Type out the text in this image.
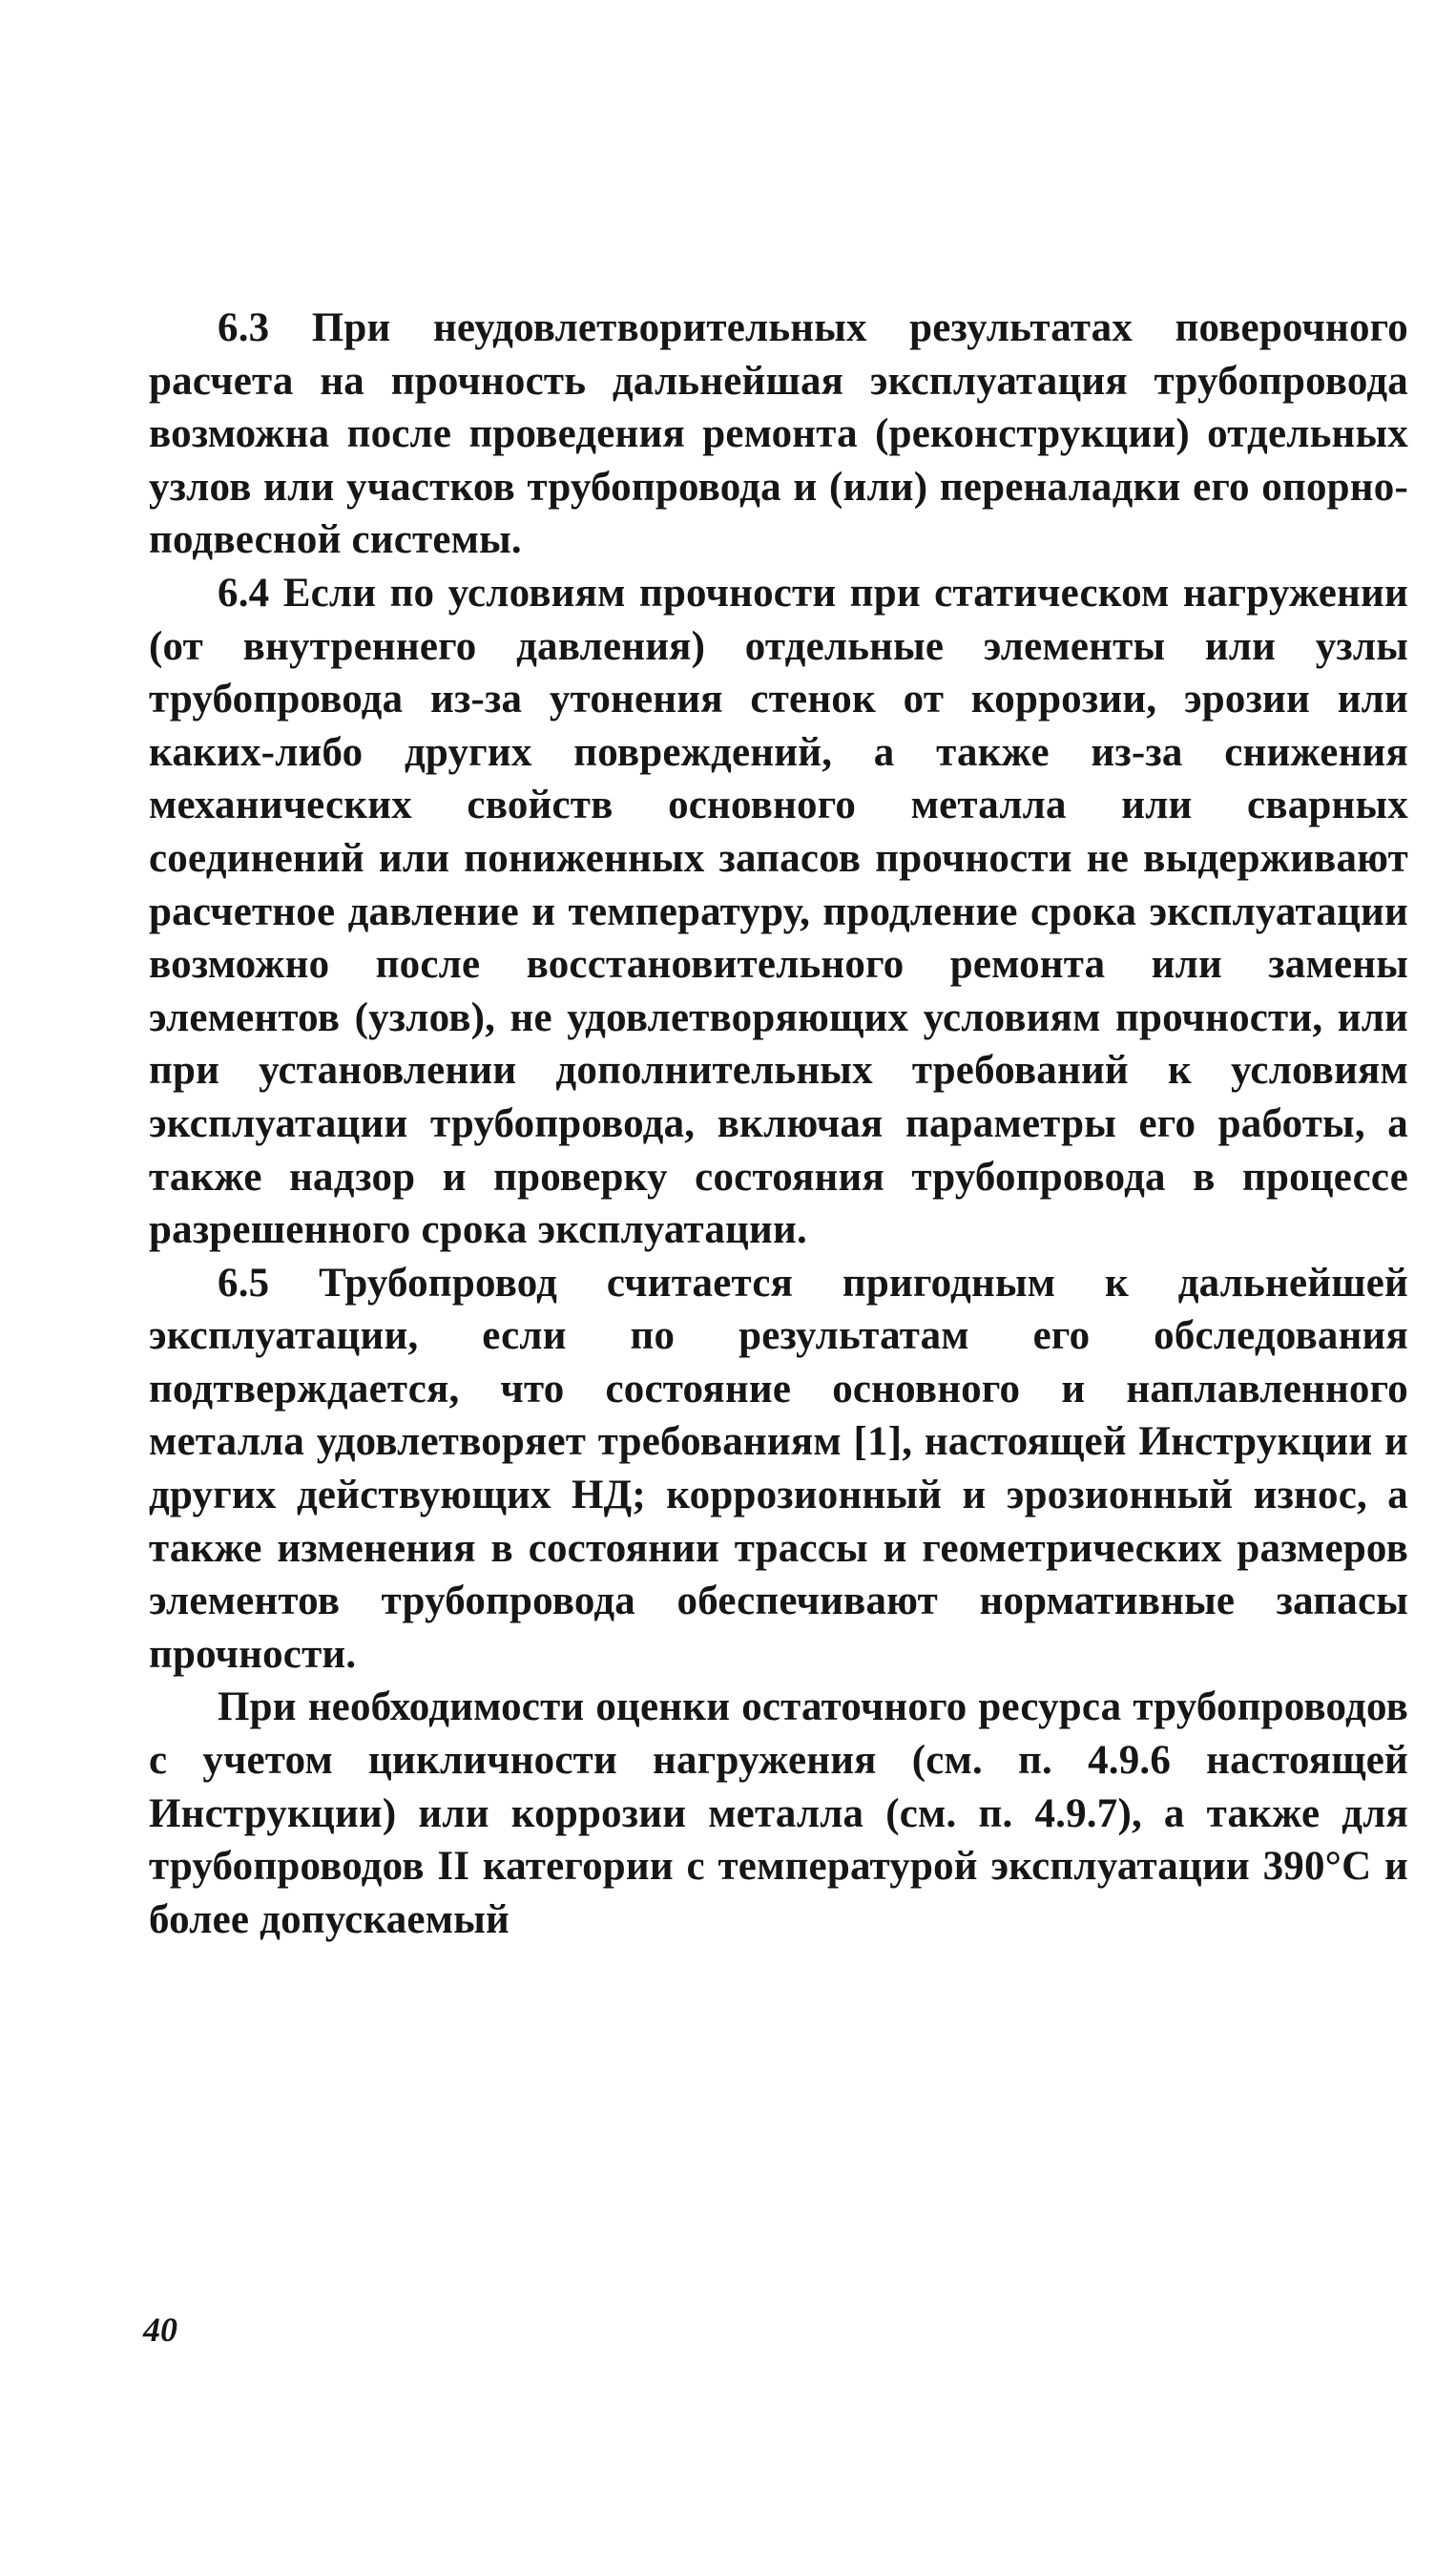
6.3 При неудовлетворительных результатах поверочного расчета на прочность дальнейшая эксплуатация трубопровода возможна после проведения ремонта (реконструкции) отдельных узлов или участков трубопровода и (или) переналадки его опорно-подвесной системы.

6.4 Если по условиям прочности при статическом нагружении (от внутреннего давления) отдельные элементы или узлы трубопровода из-за утонения стенок от коррозии, эрозии или каких-либо других повреждений, а также из-за снижения механических свойств основного металла или сварных соединений или пониженных запасов прочности не выдерживают расчетное давление и температуру, продление срока эксплуатации возможно после восстановительного ремонта или замены элементов (узлов), не удовлетворяющих условиям прочности, или при установлении дополнительных требований к условиям эксплуатации трубопровода, включая параметры его работы, а также надзор и проверку состояния трубопровода в процессе разрешенного срока эксплуатации.

6.5 Трубопровод считается пригодным к дальнейшей эксплуатации, если по результатам его обследования подтверждается, что состояние основного и наплавленного металла удовлетворяет требованиям [1], настоящей Инструкции и других действующих НД; коррозионный и эрозионный износ, а также изменения в состоянии трассы и геометрических размеров элементов трубопровода обеспечивают нормативные запасы прочности.

При необходимости оценки остаточного ресурса трубопроводов с учетом цикличности нагружения (см. п. 4.9.6 настоящей Инструкции) или коррозии металла (см. п. 4.9.7), а также для трубопроводов II категории с температурой эксплуатации 390°С и более допускаемый

40
